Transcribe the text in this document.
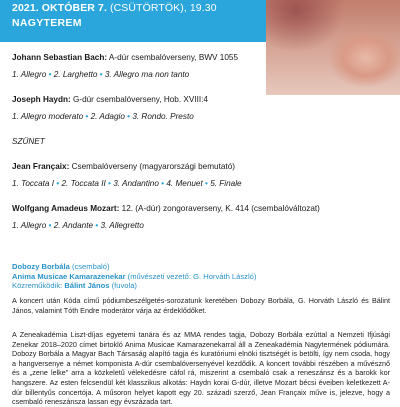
2021. OKTÓBER 7. (CSÜTÖRTÖK), 19.30
NAGYTEREM
Johann Sebastian Bach: A-dúr csembalóverseny, BWV 1055
1. Allegro • 2. Larghetto • 3. Allegro ma non tanto
Joseph Haydn: G-dúr csembalóverseny, Hob. XVIII:4
1. Allegro moderato • 2. Adagio • 3. Rondo. Presto
SZÜNET
Jean Françaix: Csembalóverseny (magyarországi bemutató)
1. Toccata I • 2. Toccata II • 3. Andantino • 4. Menuet • 5. Finale
Wolfgang Amadeus Mozart: 12. (A-dúr) zongoraverseny, K. 414 (csembalóváltozat)
1. Allegro • 2. Andante • 3. Allegretto
Dobozy Borbála (csembaló)
Anima Musicae Kamarazenekar (művészeti vezető: G. Horváth László)
Közreműködik: Bálint János (fuvola)
A koncert után Kóda című pódiumbeszélgetés-sorozatunk keretében Dobozy Borbála, G. Horváth László és Bálint János, valamint Tóth Endre moderátor várja az érdeklődőket.
A Zeneakadémia Liszt-díjas egyetemi tanára és az MMA rendes tagja, Dobozy Borbála ezúttal a Nemzeti Ifjúsági Zenekar 2018–2020 címet birtokló Anima Musicae Kamarazenekarral áll a Zeneakadémia Nagytermének pódiumára. Dobozy Borbála a Magyar Bach Társaság alapító tagja és kuratóriumi elnöki tisztségét is betölti, így nem csoda, hogy a hangversenye a német komponista A-dúr csembalóversenyével kezdődik. A koncert további részében a művésznő és a „zene lelke” arra a közkeletű vélekedésre cáfol rá, miszerint a csembaló csak a reneszánsz és a barokk kor hangszere. Az esten felcsendül két klasszikus alkotás: Haydn korai G-dúr, illetve Mozart bécsi éveiben keletkezett A-dúr billentyűs concertója. A műsoron helyet kapott egy 20. századi szerző, Jean Françaix műve is, jelezve, hogy a csembaló reneszánsza lassan egy évszázada tart.
